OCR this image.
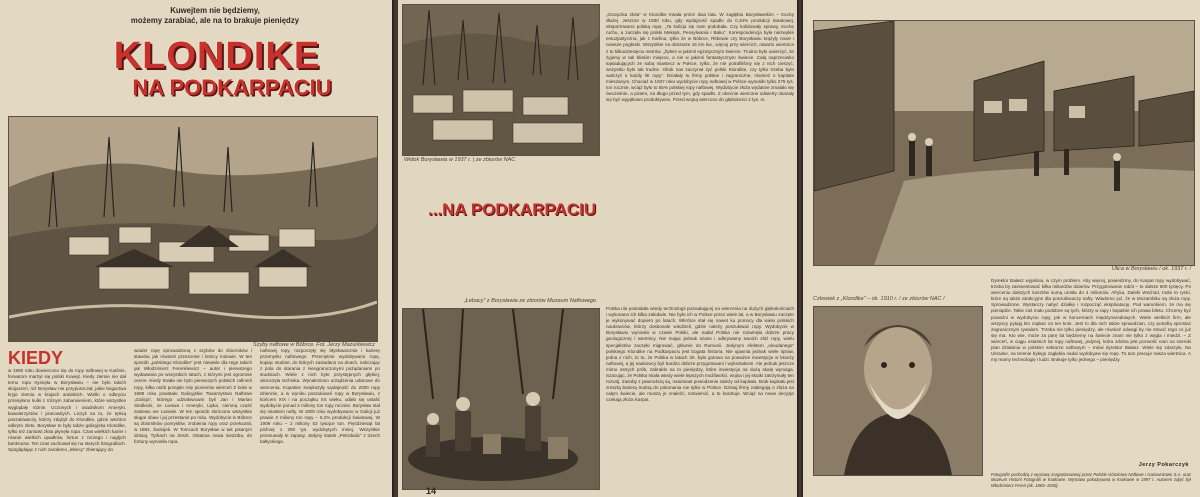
Kuwejtem nie będziemy,
możemy zarabiać, ale na to brakuje pieniędzy
KLONDIKE
NA PODKARPACIU
Szyby naftowe w Bóbrce. Fot. Jerzy Mazurkiewicz
KIEDY
w 1980 roku dowiercono się do ropy naftowej w Karlinie, ferwatom marzył się polski Kuwejt. Kiedy ziemie nie dał temu ropa trysnęła w Borysławiu – nie było takich skojarzeń, niż Borysław nie przypuszczał, jakie bogactwa kryje ziemia w krajach arabskich. Wielki o odkryciu przesyłano kulki z różnym zabarwieniem, które wszystkie wyglądały różnie. Uczonych i osadnikom Ameryki, kawalerzystów i pracowitych. Liczyli na to, że tętnią poszukiwaczy, którzy zdążyli do Klondike, gdzie wkrótce odkryto złoto. Borysław to były także galicyjska Klondike, tylko też zamiast złota płynęła ropa. Czas wielkich karier i równie wielkich upadków, fortun z niczego i nagłych bankructw. Ten czas zachował się na starych fotografiach. Spoglądając z nich zarobeno „lebecy” zbierający do
wiader ropę sprowadzoną z szybów do zbiorników i stawów, jak również przezornie i lotnicy Indowie. W ten sposób „polskiego Klondike” jest niewiele dla tego takich jak Włodzimierz Ferenkiewicz – autor i pierwszego wydawania po wszystkich latach, z którymi jest ogromnie cenne. Kiedy trwała nie było pierwszych polskich rafinerii ropy, kilka osób przejęło rolę pionierów wierceń Z kolei w 1888 roku powstało Galicyjskie Towarzystwo Naftowe „Galicja”, którego udziałowcami byli Jan i Marian Siedlecki, ze Lwowa i Ameryki, Lipka, ciemną część zasiewu we Lwowie. W ten sposób skrócono wszystkie skąpe obaw i jej przestanie po roku. Wydobycie w Bóbrce są zbiorników pomysłów, zrobienia ropy oraz przekazali, w 1884, Świtojek. W Tomcach Borysław w tak pisanym dzisiaj, Tyrkach na Zeszt. Ostatnia nowa siedziba, do fortuny wynosiła ropa.
naftowej ropy, rozpoczęły się błyskawicznie i karierę przemysłu naftowego. Przeciętnie wydobywano ropę, kopiąc studnie, do których zasiadano na dnach, naliczając z pola do starania z nieograniczonymi pożądaniami po studniach. Wiele z nich było przystępnych głębiej, wkroczyła technika. Wynaleziono urządzenia udarowe do wiercenia, Kopalnie zwiększyły wydajność do 2000 ropy dziennie, a w wyniku poszukiwań ropy w Borysławiu, z końcem XIX i na początku XX wieku, udało się ustalić wydobycie ponad 2 miliony ton ropy rocznie. Borysław stał się miastem nafty. W 1900 roku wydobywano w Galicji już prawie 2 miliony ton ropy – 5,2% produkcji światowej. W 1909 roku – 2 miliony 53 tysiące ton. Pięćdziesiąt lat później 1 250 tys. wydobytych mniej. Wszystkie przesuwały te zapasy. Jedyny statek „Petrobalic” z trzech bałtyckiego.
Widok Borysławia w 1937 r. | ze zbiorów NAC
...NA PODKARPACIU
„Łebacy” z Borysławia ze zbiorów Muzeum Naftowego
14
„Gorączka złota” w Klondike trwała przez dwa lata. W zagłębiu Borysławskim – trochę dłużej. Jeszcze w 1930 roku, gdy wydajność spadło do 0,34% produkcji światowej, eksportowano polską ropę. „Ta kolizja się nam podobała. Czy kolidowały sprawy, trochę ruchu, a zaczęła się polski Meksyk, Pensylwania i Baku”. Korespondencja była niezwykle entuzjastyczna, jak z Karlina, tylko że w Bóbrce, Ritkowie czy Borysławiu krążyły nowe i nowsze pogłoski. Wszystkie na obszarze 15 km kw., więcej przy wiercich, otwarto wiertnice z tu kilkudziesięciu metrów. „Żyłem w jakimś egzotycznym świecie. Trudno było uwierzyć, że żyjemy w tak bliskim miejscu, a nie w jakimś fantastycznym świecie. Całą naprzeciwko sąsiadujących ze sobą miastecz w Polsce, tylko, że nie potrafiliśmy się z nich cieszyć, wszystko było tak trudne. Obok nas zaczynał żyć polski Klondike, czy tylko trzeba było walczyć o każdy litr ropy”. Działały tu firmy polskie i zagraniczne, również o kapitale mieszanym. Chociaż w 1937 roku wydobycie ropy naftowej w Polsce wynosiło tylko 275 tys. ton rocznie, wciąż było to 55% polskiej ropy naftowej. Wydobycie złoża wydatnie zmalało się ówcześnie, a potem, na długo przed tym, gdy spadło. Z obecnie wiercone odwierty okazały się być wyjątkowo produktywne. Przed wojną wiercono do głębokości 2 tys. m.
Polska nie posiadała wtedy technologii pozwalającej na wiercenia na dużych głębokościach i wykonano ich kilka zaledwie. Nie było ich w Polsce przez wiele lat, a w Borysławiu zaczęto je wykonywać dopiero po latach. Wkrótce stał się nawet ku pomocy dla wielu polskich naukowców, którzy doskonale wiedzieli, gdzie należy poszukiwać ropy. Wydobycie w Borysławiu wyniosło w czasie Polski, ale nadal Polska nie rozwinęła dobrze pracy geologicznej i wiertnicy. Nie mając jednak szans i odkrywamy swoich złóż ropy, wielu specjalistów zaczęło migrować, głównie do Rumunii. Jedynym efektem „nieudanego” polskiego Klondike na Podkarpaciu jest bogata historia. Nie ujawnia jednak wiele spraw, jedna z nich, to to, że Polska w latach 30. była gotowa na poważne inwestycje w branży naftowej, a jej naukowcy byli bardzo dobrze przygotowani i wykształceni. Ale jednak jeszcze mimo ostrych prób, zabrakło na to pieniędzy, które inwestycja na dużą skalę wymaga. Szacując, że Polska miała wtedy wiele lepszych możliwości, wojna i jej skutki zatrzymały ten rozwój. Zasoby z pewnością są, natomiast powodzenie zależy od kapitału. Brak kapitału jest zresztą barierą trudną do pokonania nie tylko w Polsce. Dzisiaj firmy zabiegają o złoża na całym świecie, ale muszą je znaleźć, rozwiercić, a to kosztuje. Wciąż na nowe decyzje czekają złoża Karpat.
Ulica w Borysławiu / ok. 1937 r. /
Człowiek z „Klondike” – ok. 1910 r. / ze zbiorów NAC /
Dyrektor Bałasz wyjaśnia, w czym problem. Aby więcej, powiedzmy, do Karpat ropy wydobywać, trzeba by zainwestować kilka miliardów dolarów. Przygotowanie robót – to dalsze 600 tysięcy. Po wierceniu dalszych kosztów sumą urosła do 4 milionów. Afryka, Daleki Wschód, Indie to rynki, które są także atrakcyjne dla poszukiwaczy nafty. Wiadomo już, że w Mozambiku są złoża ropy. Sprowadzone. Wystarczy nabyć działkę i rozpocząć eksploatację. Pod warunkiem, że ma się pieniądze. Takie zaś mało podobne są tych, którzy w rapy i kopalnie ich prawa biletu. Chcemy być poważni w wydobyciu ropy, jak w koncernach międzynarodowych. Wiele wielkich firm, ale wszyscy pytają kto zapłaci za ten krok. Jest to dla nich także sprawdzian, czy potrafią sprostać zagranicznym rywalom. Trzeba nie tylko pieniędzy, ale również odwagi by nie stracić tego co już się ma. Kto wie, może za parę lat będziemy na świecie znani nie tylko z węgla i miedzi. – Z wierceń, w ciągu ostatnich lat ropy naftowej, jedynej, która zdolna jest pozwolić nam na szeroki plan działania w polskim sektorze naftowym – mówi dyrektor Bałasz. Wiele się zdarzyło. Na Ukrainie, na terenie byłego zagłębia nadal wydobywa się ropę. To tam pracuje nasza wiertnica. A my mamy technologię i ludzi. Brakuje tylko jednego – pieniędzy.
Jerzy Pokarczyk
Fotografie pochodzą z wystawy zorganizowanej przez Polskie Górnictwo Naftowe i Gazownictwo S.A. oraz Muzeum Historii Fotografii w Krakowie. Wystawa pokazywana w Krakowie w 1997 r. Autorem zdjęć był Włodzimierz Feren (ok. 1865–1930).
